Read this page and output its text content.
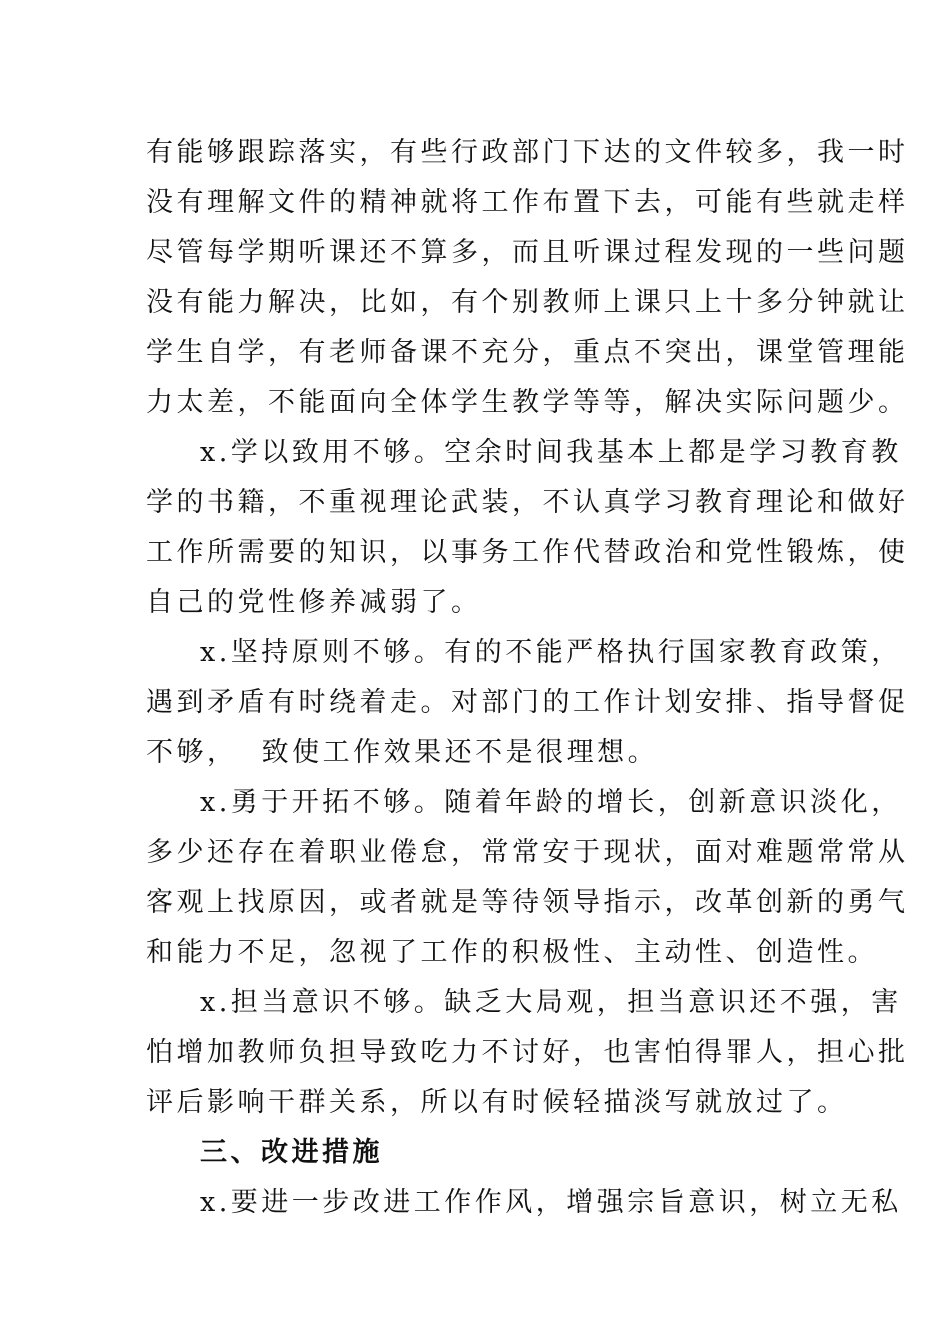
有能够跟踪落实，有些行政部门下达的文件较多，我一时
没有理解文件的精神就将工作布置下去，可能有些就走样
尽管每学期听课还不算多，而且听课过程发现的一些问题
没有能力解决，比如，有个别教师上课只上十多分钟就让
学生自学，有老师备课不充分，重点不突出，课堂管理能
力太差，不能面向全体学生教学等等，解决实际问题少。
x.学以致用不够。空余时间我基本上都是学习教育教
学的书籍，不重视理论武装，不认真学习教育理论和做好
工作所需要的知识，以事务工作代替政治和党性锻炼，使
自己的党性修养减弱了。
x.坚持原则不够。有的不能严格执行国家教育政策，
遇到矛盾有时绕着走。对部门的工作计划安排、指导督促
不够，  致使工作效果还不是很理想。
x.勇于开拓不够。随着年龄的增长，创新意识淡化，
多少还存在着职业倦怠，常常安于现状，面对难题常常从
客观上找原因，或者就是等待领导指示，改革创新的勇气
和能力不足，忽视了工作的积极性、主动性、创造性。
x.担当意识不够。缺乏大局观，担当意识还不强，害
怕增加教师负担导致吃力不讨好，也害怕得罪人，担心批
评后影响干群关系，所以有时候轻描淡写就放过了。
三、改进措施
x.要进一步改进工作作风，增强宗旨意识，树立无私
